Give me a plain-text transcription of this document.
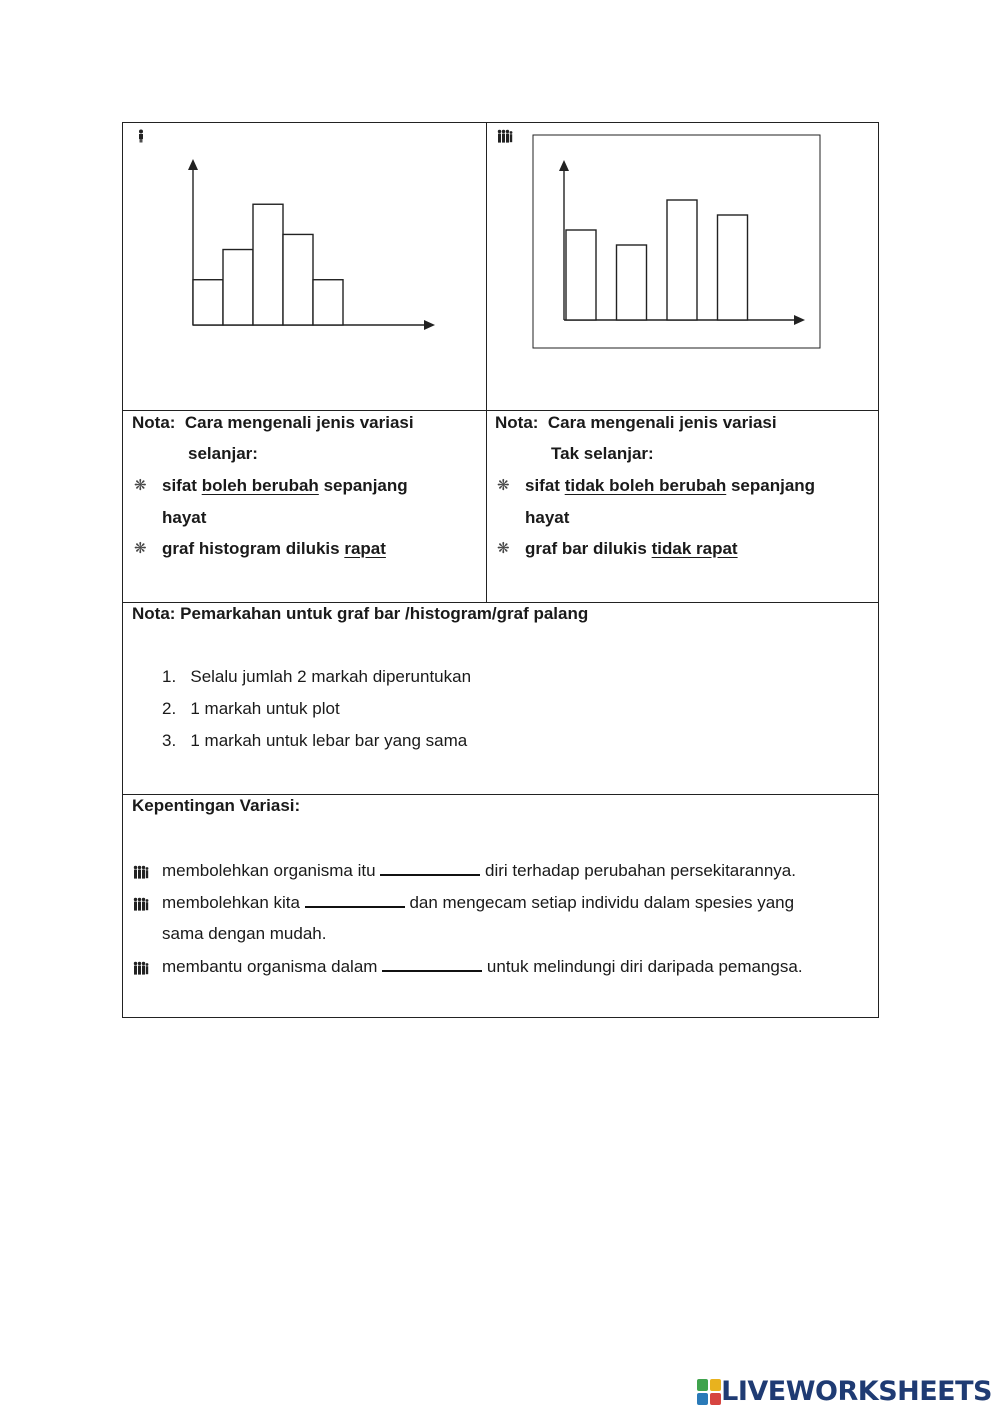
Nota: Cara mengenali jenis variasi
selanjar:
❋ sifat boleh berubah sepanjang
hayat
❋ graf histogram dilukis rapat
Nota: Cara mengenali jenis variasi
Tak selanjar:
❋ sifat tidak boleh berubah sepanjang
hayat
❋ graf bar dilukis tidak rapat
Nota: Pemarkahan untuk graf bar /histogram/graf palang
1. Selalu jumlah 2 markah diperuntukan
2. 1 markah untuk plot
3. 1 markah untuk lebar bar yang sama
Kepentingan Variasi:
membolehkan organisma itu	diri terhadap perubahan persekitarannya.
membolehkan kita	dan mengecam setiap individu dalam spesies yang
sama dengan mudah.
membantu organisma dalam	untuk melindungi diri daripada pemangsa.
LIVEWORKSHEETS
